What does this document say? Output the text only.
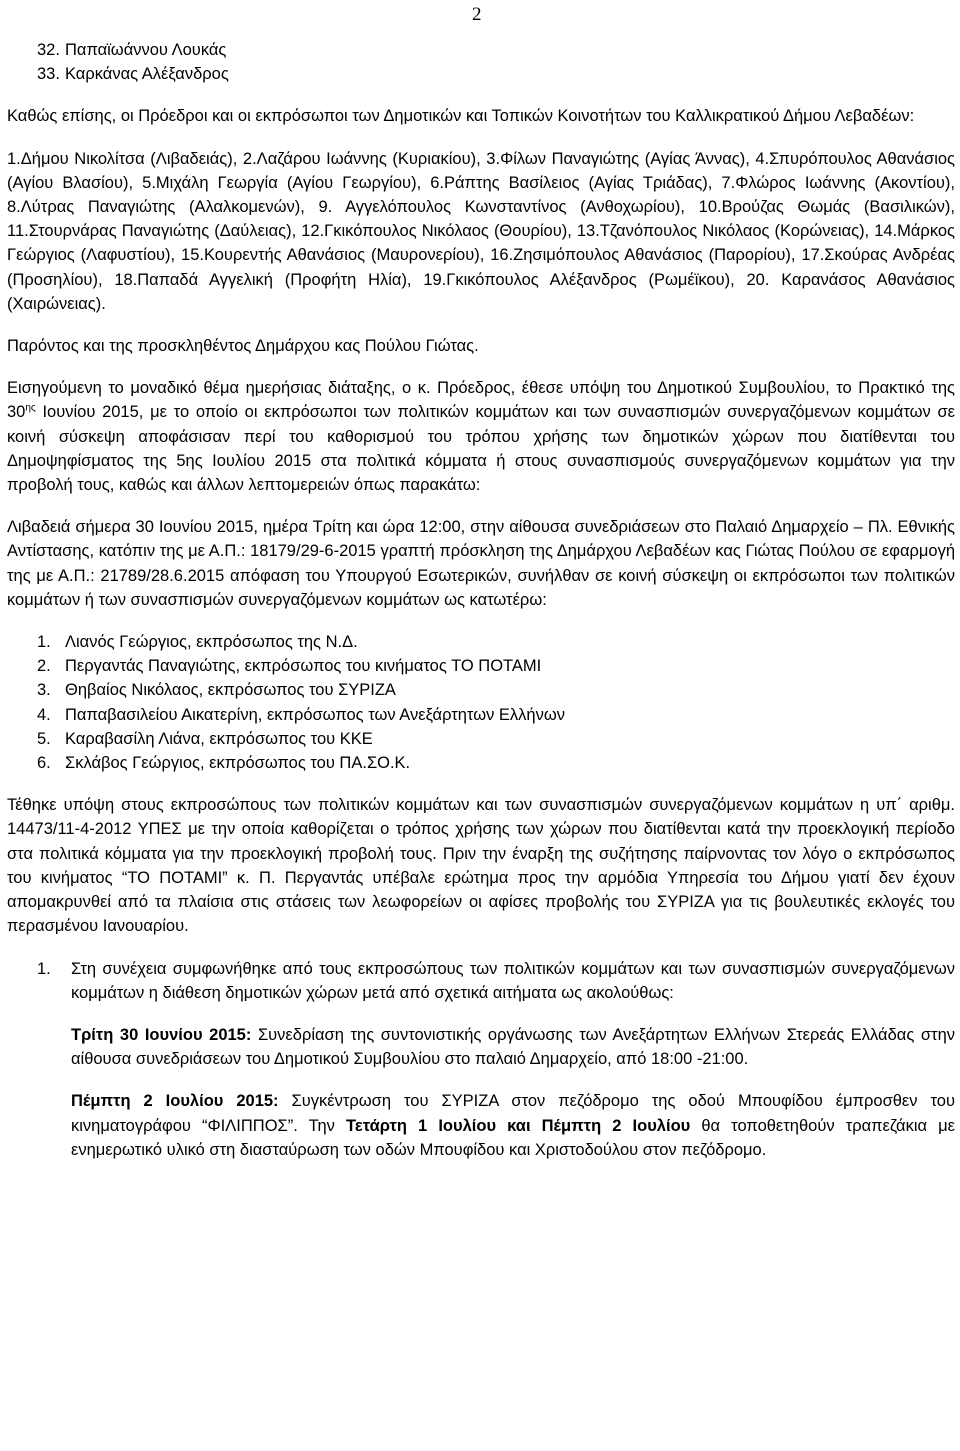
2
32. Παπαϊωάννου Λουκάς
33. Καρκάνας Αλέξανδρος

Καθώς επίσης, οι Πρόεδροι και οι εκπρόσωποι των Δημοτικών και Τοπικών Κοινοτήτων του Καλλικρατικού Δήμου Λεβαδέων:

1.Δήμου Νικολίτσα (Λιβαδειάς), 2.Λαζάρου Ιωάννης (Κυριακίου), 3.Φίλων Παναγιώτης (Αγίας Άννας), 4.Σπυρόπουλος Αθανάσιος (Αγίου Βλασίου), 5.Μιχάλη Γεωργία (Αγίου Γεωργίου), 6.Ράπτης Βασίλειος (Αγίας Τριάδας), 7.Φλώρος Ιωάννης (Ακοντίου), 8.Λύτρας Παναγιώτης (Αλαλκομενών), 9. Αγγελόπουλος Κωνσταντίνος (Ανθοχωρίου), 10.Βρούζας Θωμάς (Βασιλικών), 11.Στουρνάρας Παναγιώτης (Δαύλειας), 12.Γκικόπουλος Νικόλαος (Θουρίου), 13.Τζανόπουλος Νικόλαος (Κορώνειας), 14.Μάρκος Γεώργιος (Λαφυστίου), 15.Κουρεντής Αθανάσιος (Μαυρονερίου), 16.Ζησιμόπουλος Αθανάσιος (Παρορίου), 17.Σκούρας Ανδρέας (Προσηλίου), 18.Παπαδά Αγγελική (Προφήτη Ηλία), 19.Γκικόπουλος Αλέξανδρος (Ρωμέϊκου), 20. Καρανάσος Αθανάσιος (Χαιρώνειας).

Παρόντος και της προσκληθέντος Δημάρχου κας Πούλου Γιώτας.

Εισηγούμενη το μοναδικό θέμα ημερήσιας διάταξης, ο κ. Πρόεδρος, έθεσε υπόψη του Δημοτικού Συμβουλίου, το Πρακτικό της $30^{\eta\varsigma}$ Ιουνίου 2015, με το οποίο οι εκπρόσωποι των πολιτικών κομμάτων και των συνασπισμών συνεργαζόμενων κομμάτων σε κοινή σύσκεψη αποφάσισαν περί του καθορισμού του τρόπου χρήσης των δημοτικών χώρων που διατίθενται του Δημοψηφίσματος της 5ης Ιουλίου 2015 στα πολιτικά κόμματα ή στους συνασπισμούς συνεργαζόμενων κομμάτων για την προβολή τους, καθώς και άλλων λεπτομερειών όπως παρακάτω:

Λιβαδειά σήμερα 30 Ιουνίου 2015, ημέρα Τρίτη και ώρα 12:00, στην αίθουσα συνεδριάσεων στο Παλαιό Δημαρχείο – Πλ. Εθνικής Αντίστασης, κατόπιν της με Α.Π.: 18179/29-6-2015 γραπτή πρόσκληση της Δημάρχου Λεβαδέων κας Γιώτας Πούλου σε εφαρμογή της με Α.Π.: 21789/28.6.2015 απόφαση του Υπουργού Εσωτερικών, συνήλθαν σε κοινή σύσκεψη οι εκπρόσωποι των πολιτικών κομμάτων ή των συνασπισμών συνεργαζόμενων κομμάτων ως κατωτέρω:

1. Λιανός Γεώργιος, εκπρόσωπος της Ν.Δ.
2. Περγαντάς Παναγιώτης, εκπρόσωπος του κινήματος ΤΟ ΠΟΤΑΜΙ
3. Θηβαίος Νικόλαος, εκπρόσωπος του ΣΥΡΙΖΑ
4. Παπαβασιλείου Αικατερίνη, εκπρόσωπος των Ανεξάρτητων Ελλήνων
5. Καραβασίλη Λιάνα, εκπρόσωπος του ΚΚΕ
6. Σκλάβος Γεώργιος, εκπρόσωπος του ΠΑ.ΣΟ.Κ.

Τέθηκε υπόψη στους εκπροσώπους των πολιτικών κομμάτων και των συνασπισμών συνεργαζόμενων κομμάτων η υπ΄ αριθμ. 14473/11-4-2012 ΥΠΕΣ με την οποία καθορίζεται ο τρόπος χρήσης των χώρων που διατίθενται κατά την προεκλογική περίοδο στα πολιτικά κόμματα για την προεκλογική προβολή τους. Πριν την έναρξη της συζήτησης παίρνοντας τον λόγο ο εκπρόσωπος του κινήματος “ΤΟ ΠΟΤΑΜΙ” κ. Π. Περγαντάς υπέβαλε ερώτημα προς την αρμόδια Υπηρεσία του Δήμου γιατί δεν έχουν απομακρυνθεί από τα πλαίσια στις στάσεις των λεωφορείων οι αφίσες προβολής του ΣΥΡΙΖΑ για τις βουλευτικές εκλογές του περασμένου Ιανουαρίου.

1. Στη συνέχεια συμφωνήθηκε από τους εκπροσώπους των πολιτικών κομμάτων και των συνασπισμών συνεργαζόμενων κομμάτων η διάθεση δημοτικών χώρων μετά από σχετικά αιτήματα ως ακολούθως:

Τρίτη 30 Ιουνίου 2015: Συνεδρίαση της συντονιστικής οργάνωσης των Ανεξάρτητων Ελλήνων Στερεάς Ελλάδας στην αίθουσα συνεδριάσεων του Δημοτικού Συμβουλίου στο παλαιό Δημαρχείο, από 18:00 -21:00.

Πέμπτη 2 Ιουλίου 2015: Συγκέντρωση του ΣΥΡΙΖΑ στον πεζόδρομο της οδού Μπουφίδου έμπροσθεν του κινηματογράφου “ΦΙΛΙΠΠΟΣ”. Την Τετάρτη 1 Ιουλίου και Πέμπτη 2 Ιουλίου θα τοποθετηθούν τραπεζάκια με ενημερωτικό υλικό στη διασταύρωση των οδών Μπουφίδου και Χριστοδούλου στον πεζόδρομο.
